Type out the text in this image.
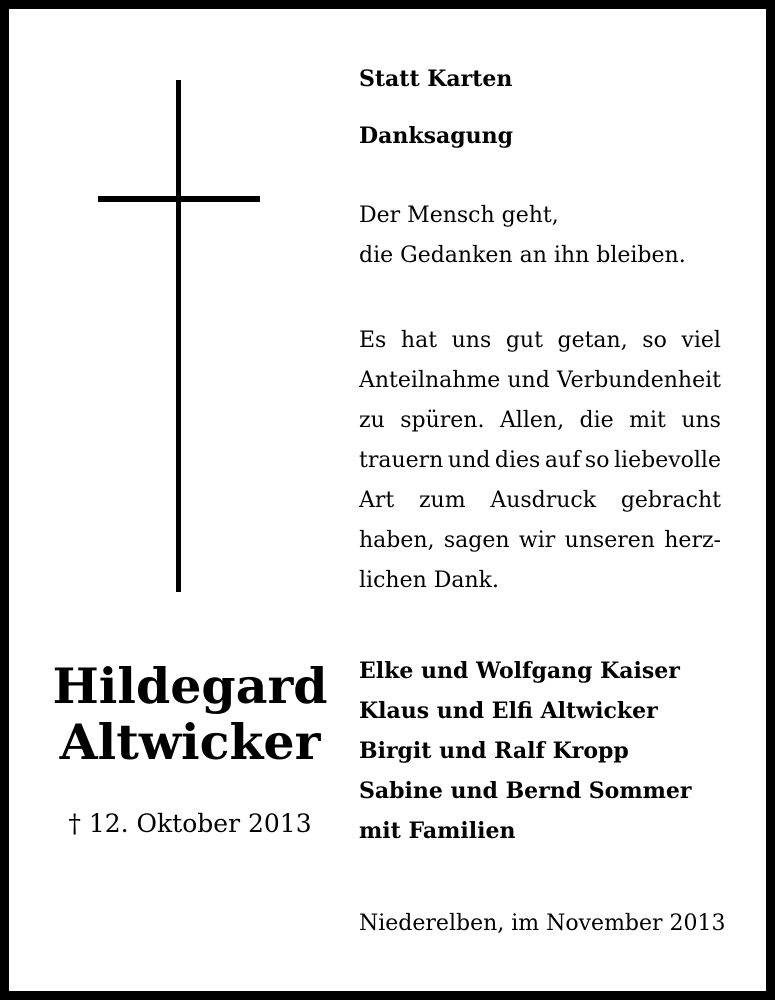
Hildegard
Altwicker
† 12. Oktober 2013
Statt Karten
Danksagung
Der Mensch geht,
die Gedanken an ihn bleiben.
Es hat uns gut getan, so viel
Anteilnahme und Verbundenheit
zu spüren. Allen, die mit uns
trauern und dies auf so liebevolle
Art zum Ausdruck gebracht
haben, sagen wir unseren herz-
lichen Dank.
Elke und Wolfgang Kaiser
Klaus und Elfi Altwicker
Birgit und Ralf Kropp
Sabine und Bernd Sommer
mit Familien
Niederelben, im November 2013
